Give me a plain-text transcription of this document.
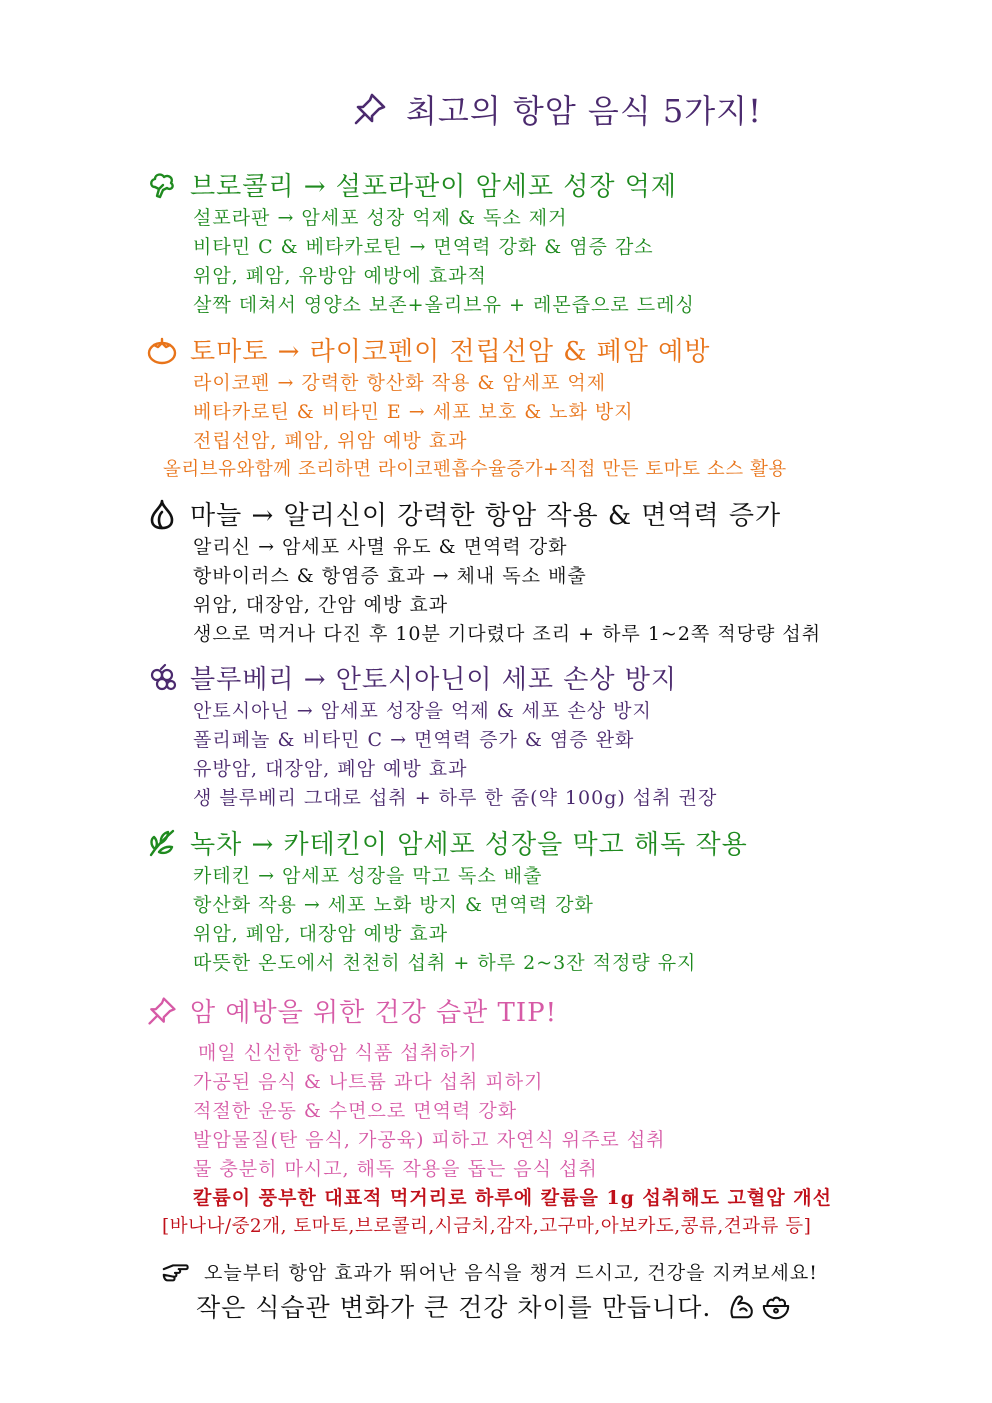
최고의 항암 음식 5가지!
브로콜리 → 설포라판이 암세포 성장 억제
설포라판 → 암세포 성장 억제 & 독소 제거
비타민 C & 베타카로틴 → 면역력 강화 & 염증 감소
위암, 폐암, 유방암 예방에 효과적
살짝 데쳐서 영양소 보존+올리브유 + 레몬즙으로 드레싱
토마토 → 라이코펜이 전립선암 & 폐암 예방
라이코펜 → 강력한 항산화 작용 & 암세포 억제
베타카로틴 & 비타민 E → 세포 보호 & 노화 방지
전립선암, 폐암, 위암 예방 효과
올리브유와함께 조리하면 라이코펜흡수율증가+직접 만든 토마토 소스 활용
마늘 → 알리신이 강력한 항암 작용 & 면역력 증가
알리신 → 암세포 사멸 유도 & 면역력 강화
항바이러스 & 항염증 효과 → 체내 독소 배출
위암, 대장암, 간암 예방 효과
생으로 먹거나 다진 후 10분 기다렸다 조리 + 하루 1~2쪽 적당량 섭취
블루베리 → 안토시아닌이 세포 손상 방지
안토시아닌 → 암세포 성장을 억제 & 세포 손상 방지
폴리페놀 & 비타민 C → 면역력 증가 & 염증 완화
유방암, 대장암, 폐암 예방 효과
생 블루베리 그대로 섭취 + 하루 한 줌(약 100g) 섭취 권장
녹차 → 카테킨이 암세포 성장을 막고 해독 작용
카테킨 → 암세포 성장을 막고 독소 배출
항산화 작용 → 세포 노화 방지 & 면역력 강화
위암, 폐암, 대장암 예방 효과
따뜻한 온도에서 천천히 섭취 + 하루 2~3잔 적정량 유지
암 예방을 위한 건강 습관 TIP!
매일 신선한 항암 식품 섭취하기
가공된 음식 & 나트륨 과다 섭취 피하기
적절한 운동 & 수면으로 면역력 강화
발암물질(탄 음식, 가공육) 피하고 자연식 위주로 섭취
물 충분히 마시고, 해독 작용을 돕는 음식 섭취
칼륨이 풍부한 대표적 먹거리로 하루에 칼륨을 1g 섭취해도 고혈압 개선
[바나나/중2개, 토마토,브로콜리,시금치,감자,고구마,아보카도,콩류,견과류 등]
오늘부터 항암 효과가 뛰어난 음식을 챙겨 드시고, 건강을 지켜보세요!
작은 식습관 변화가 큰 건강 차이를 만듭니다.
